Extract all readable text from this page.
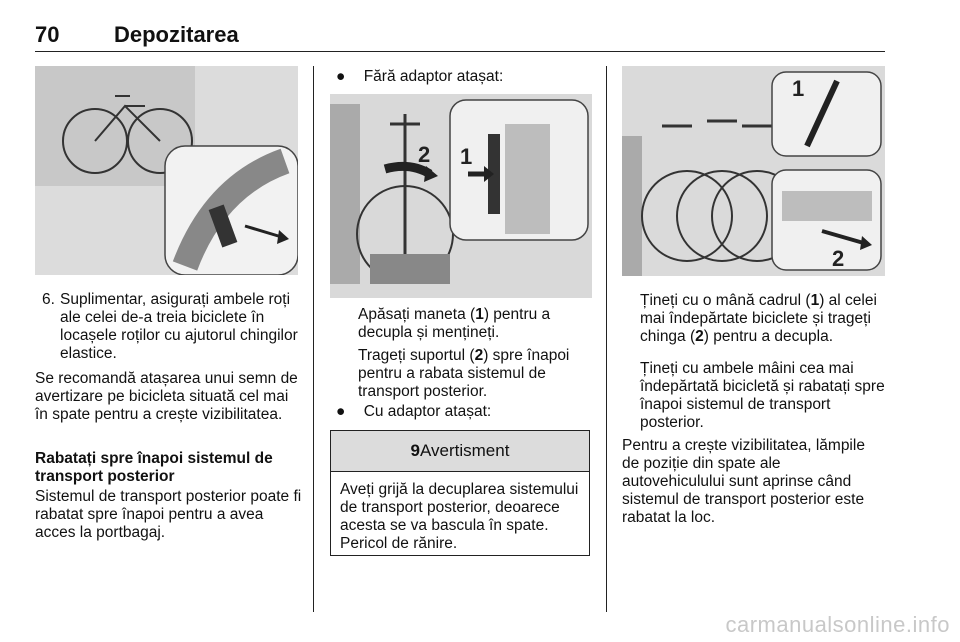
70 Depozitarea
6. Suplimentar, asigurați ambele roți ale celei de-a treia biciclete în locașele roților cu ajutorul chingilor elastice.
Se recomandă atașarea unui semn de avertizare pe bicicleta situată cel mai în spate pentru a crește vizibilitatea.
Rabatați spre înapoi sistemul de transport posterior
Sistemul de transport posterior poate fi rabatat spre înapoi pentru a avea acces la portbagaj.
● Fără adaptor atașat:
2 1
Apăsați maneta (1) pentru a decupla și mențineți.
Trageți suportul (2) spre înapoi pentru a rabata sistemul de transport posterior.
● Cu adaptor atașat:
9Avertisment
Aveți grijă la decuplarea sistemului de transport posterior, deoarece acesta se va bascula în spate. Pericol de rănire.
1
2
Țineți cu o mână cadrul (1) al celei mai îndepărtate biciclete și trageți chinga (2) pentru a decupla.
Țineți cu ambele mâini cea mai îndepărtată bicicletă și rabatați spre înapoi sistemul de transport posterior.
Pentru a crește vizibilitatea, lămpile de poziție din spate ale autovehiculului sunt aprinse când sistemul de transport posterior este rabatat la loc.
carmanualsonline.info
